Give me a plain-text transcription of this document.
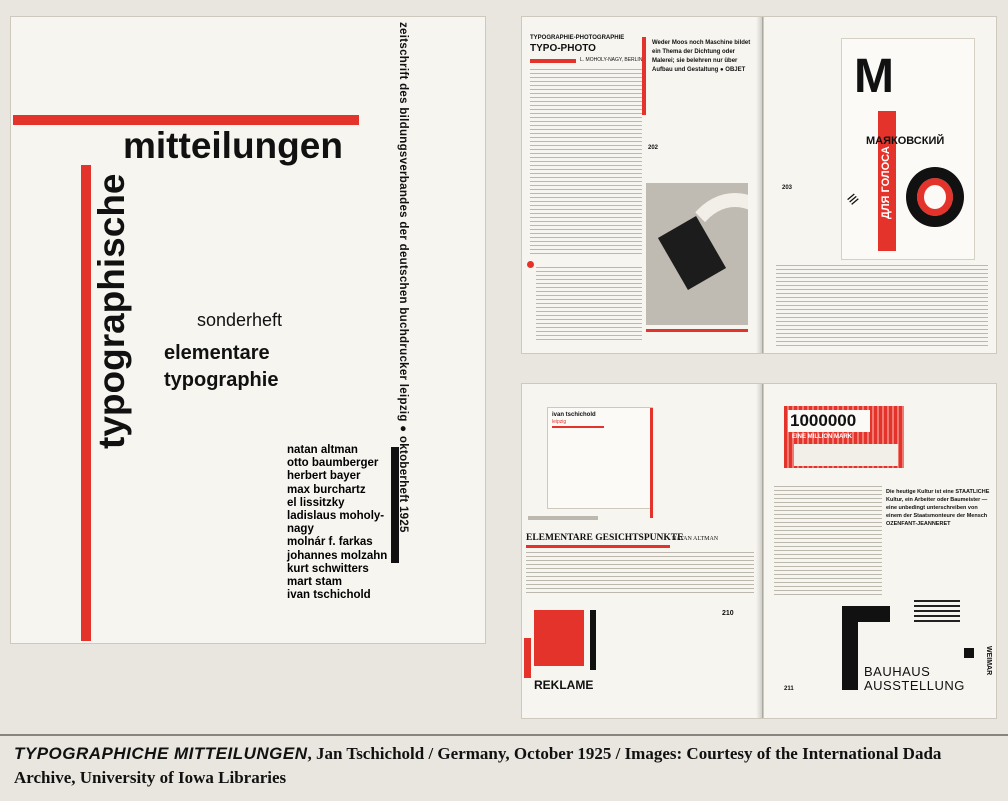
mitteilungen
typographische	zeitschrift des bildungsverbandes der deutschen buchdrucker leipzig ● oktoberheft 1925
sonderheft
elementare
typographie
natan altman
otto baumberger
herbert bayer
max burchartz
el lissitzky
ladislaus moholy-nagy
molnár f. farkas
johannes molzahn
kurt schwitters
mart stam
ivan tschichold
TYPOGRAPHIE-PHOTOGRAPHIE
TYPO-PHOTO
L. MOHOLY-NAGY, BERLIN
Weder Moos noch Maschine bildet ein Thema der Dichtung oder Malerei; sie belehren nur über Aufbau und Gestaltung ● OBJET
202
М
ДЛЯ ГОЛОСА
МАЯКОВСКИЙ
≡
203
ivan tschichold
leipzig
ELEMENTARE GESICHTSPUNKTE
NATAN ALTMAN
210
REKLAME
1000000
EINE MILLION MARK
Die heutige Kultur ist eine STAATLICHE Kultur, ein Arbeiter oder Baumeister — eine unbedingt unterschreiben von einem der Staatsmonteure der Mensch OZENFANT-JEANNERET
BAUHAUS
AUSSTELLUNG
WEIMAR
211
TYPOGRAPHICHE MITTEILUNGEN, Jan Tschichold / Germany, October 1925 / Images: Courtesy of the International Dada Archive, University of Iowa Libraries
